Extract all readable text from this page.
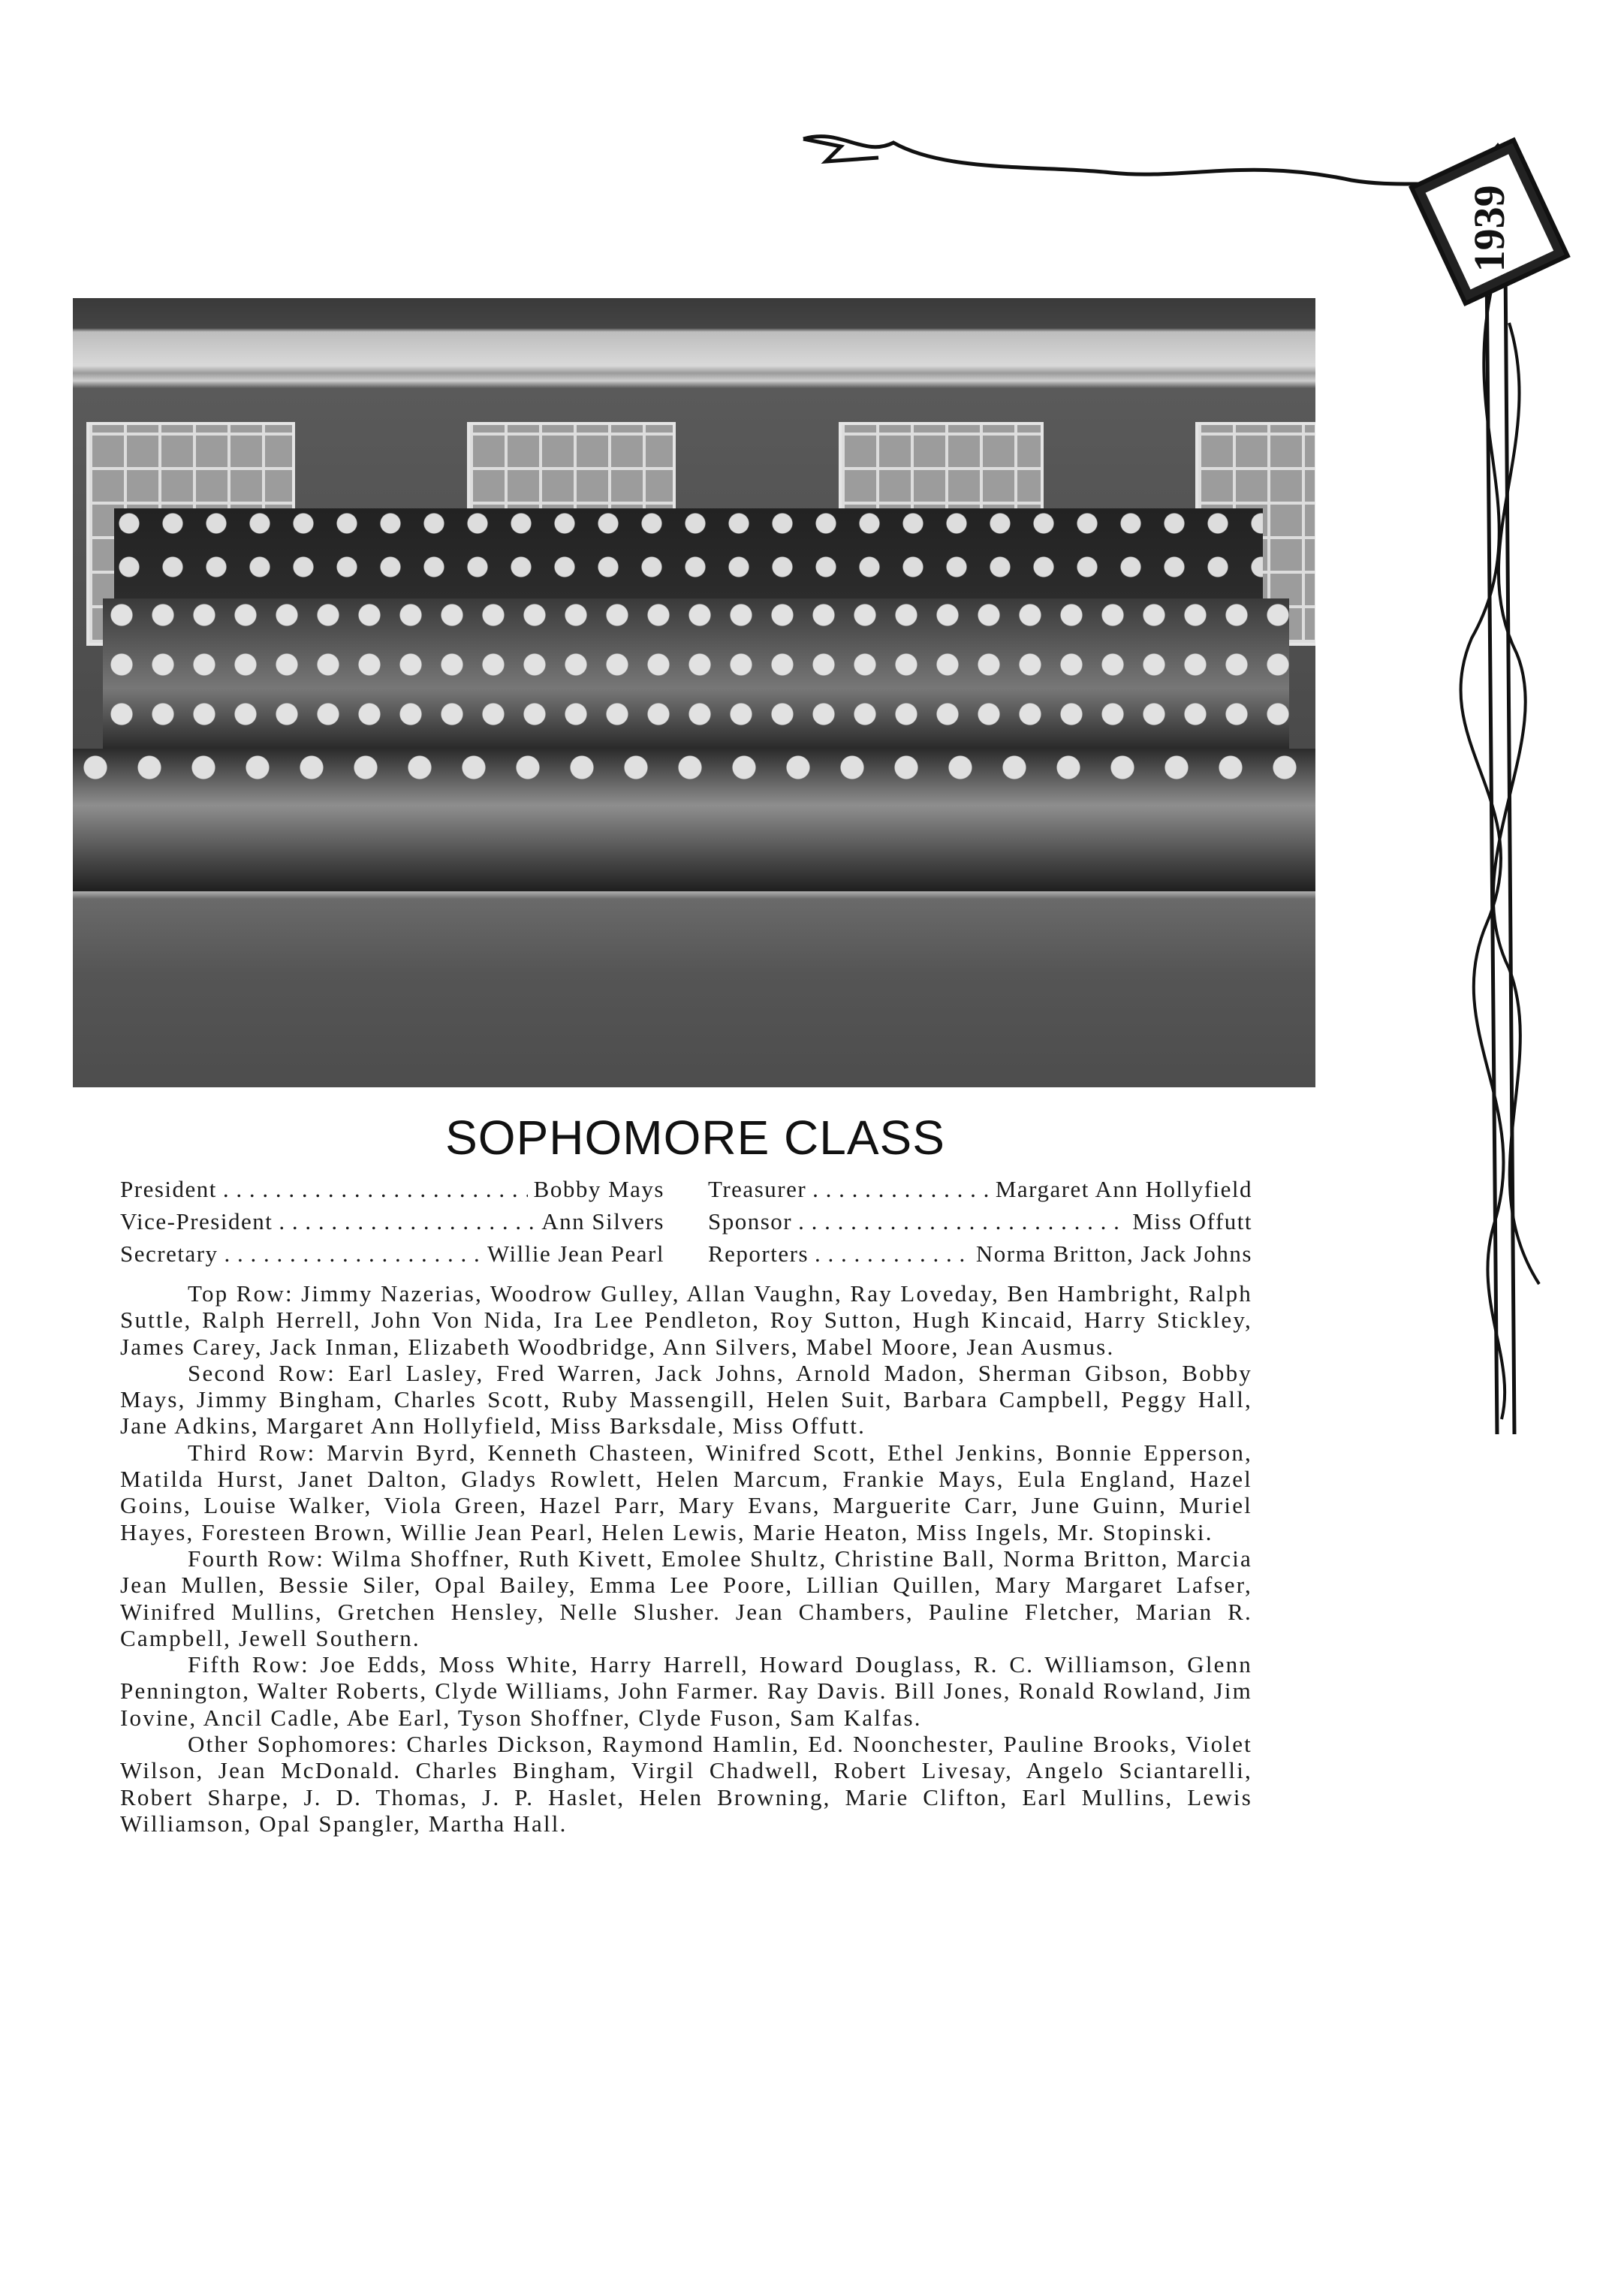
1939
SOPHOMORE CLASS
President . . .	Bobby Mays
Vice-President . . .	Ann Silvers
Secretary . . .	Willie Jean Pearl
Treasurer . . .	Margaret Ann Hollyfield
Sponsor . . .	Miss Offutt
Reporters . . .	Norma Britton, Jack Johns

Top Row: Jimmy Nazerias, Woodrow Gulley, Allan Vaughn, Ray Loveday, Ben Hambright, Ralph Suttle, Ralph Herrell, John Von Nida, Ira Lee Pendleton, Roy Sutton, Hugh Kincaid, Harry Stickley, James Carey, Jack Inman, Elizabeth Woodbridge, Ann Silvers, Mabel Moore, Jean Ausmus.

Second Row: Earl Lasley, Fred Warren, Jack Johns, Arnold Madon, Sherman Gibson, Bobby Mays, Jimmy Bingham, Charles Scott, Ruby Massengill, Helen Suit, Barbara Campbell, Peggy Hall, Jane Adkins, Margaret Ann Hollyfield, Miss Barksdale, Miss Offutt.

Third Row: Marvin Byrd, Kenneth Chasteen, Winifred Scott, Ethel Jenkins, Bonnie Epperson, Matilda Hurst, Janet Dalton, Gladys Rowlett, Helen Marcum, Frankie Mays, Eula England, Hazel Goins, Louise Walker, Viola Green, Hazel Parr, Mary Evans, Marguerite Carr, June Guinn, Muriel Hayes, Foresteen Brown, Willie Jean Pearl, Helen Lewis, Marie Heaton, Miss Ingels, Mr. Stopinski.

Fourth Row: Wilma Shoffner, Ruth Kivett, Emolee Shultz, Christine Ball, Norma Britton, Marcia Jean Mullen, Bessie Siler, Opal Bailey, Emma Lee Poore, Lillian Quillen, Mary Margaret Lafser, Winifred Mullins, Gretchen Hensley, Nelle Slusher. Jean Chambers, Pauline Fletcher, Marian R. Campbell, Jewell Southern.

Fifth Row: Joe Edds, Moss White, Harry Harrell, Howard Douglass, R. C. Williamson, Glenn Pennington, Walter Roberts, Clyde Williams, John Farmer. Ray Davis. Bill Jones, Ronald Rowland, Jim Iovine, Ancil Cadle, Abe Earl, Tyson Shoffner, Clyde Fuson, Sam Kalfas.

Other Sophomores: Charles Dickson, Raymond Hamlin, Ed. Noonchester, Pauline Brooks, Violet Wilson, Jean McDonald. Charles Bingham, Virgil Chadwell, Robert Livesay, Angelo Sciantarelli, Robert Sharpe, J. D. Thomas, J. P. Haslet, Helen Browning, Marie Clifton, Earl Mullins, Lewis Williamson, Opal Spangler, Martha Hall.
